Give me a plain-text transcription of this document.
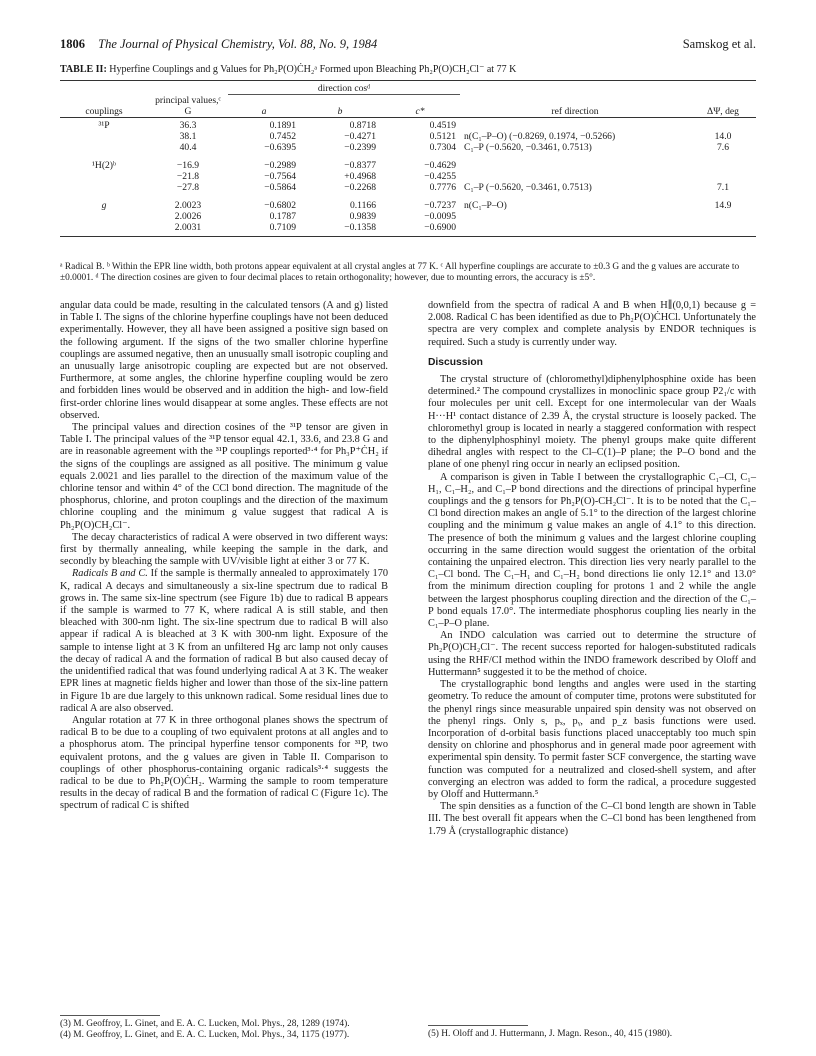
1806 The Journal of Physical Chemistry, Vol. 88, No. 9, 1984	Samskog et al.
TABLE II: Hyperfine Couplings and g Values for Ph₂P(O)ĊH₂ᵃ Formed upon Bleaching Ph₂P(O)CH₂Cl⁻ at 77 K
		direction cosᵈ				
couplings	principal values,ᶜ G	a	b	c*	ref direction	ΔΨ, deg
³¹P	36.3	0.1891	0.8718	0.4519		
	38.1	0.7452	−0.4271	0.5121	n(C₁–P–O) (−0.8269, 0.1974, −0.5266)	14.0
	40.4	−0.6395	−0.2399	0.7304	C₁–P (−0.5620, −0.3461, 0.7513)	7.6
¹H(2)ᵇ	−16.9	−0.2989	−0.8377	−0.4629		
	−21.8	−0.7564	+0.4968	−0.4255		
	−27.8	−0.5864	−0.2268	0.7776	C₁–P (−0.5620, −0.3461, 0.7513)	7.1
g	2.0023	−0.6802	0.1166	−0.7237	n(C₁–P–O)	14.9
	2.0026	0.1787	0.9839	−0.0095		
	2.0031	0.7109	−0.1358	−0.6900		
ᵃ Radical B. ᵇ Within the EPR line width, both protons appear equivalent at all crystal angles at 77 K. ᶜ All hyperfine couplings are accurate to ±0.3 G and the g values are accurate to ±0.0001. ᵈ The direction cosines are given to four decimal places to retain orthogonality; however, due to mounting errors, the accuracy is ±5°.

angular data could be made, resulting in the calculated tensors (A and g) listed in Table I. The signs of the chlorine hyperfine couplings have not been deduced experimentally. However, they all have been assigned a positive sign based on the following argument. If the signs of the two smaller chlorine hyperfine couplings are assumed negative, then an unusually small isotropic coupling and an unusually large anisotropic coupling are expected but are not observed. Furthermore, at some angles, the chlorine hyperfine coupling would be zero and forbidden lines would be observed and in addition the high- and low-field first-order chlorine lines would disappear at some angles. These effects are not observed.

The principal values and direction cosines of the ³¹P tensor are given in Table I. The principal values of the ³¹P tensor equal 42.1, 33.6, and 23.8 G and are in reasonable agreement with the ³¹P couplings reported³·⁴ for Ph₃P⁺ĊH₂ if the signs of the couplings are assigned as all positive. The minimum g value equals 2.0021 and lies parallel to the direction of the maximum value of the chlorine tensor and within 4° of the CCl bond direction. The magnitude of the phosphorus, chlorine, and proton couplings and the direction of the maximum chlorine coupling and the minimum g value suggest that radical A is Ph₂P(O)CH₂Cl⁻.

The decay characteristics of radical A were observed in two different ways: first by thermally annealing, while keeping the sample in the dark, and secondly by bleaching the sample with UV/visible light at either 3 or 77 K.

Radicals B and C. If the sample is thermally annealed to approximately 170 K, radical A decays and simultaneously a six-line spectrum due to radical B grows in. The same six-line spectrum (see Figure 1b) due to radical B appears if the sample is warmed to 77 K, where radical A is still stable, and then bleached with 300-nm light. The six-line spectrum due to radical B will also appear if radical A is bleached at 3 K with 300-nm light. Exposure of the sample to intense light at 3 K from an unfiltered Hg arc lamp not only causes the decay of radical A and the formation of radical B but also caused decay of the unidentified radical that was found underlying radical A at 3 K. The weaker EPR lines at magnetic fields higher and lower than those of the six-line pattern in Figure 1b are due largely to this unknown radical. Some residual lines due to radical A are also observed.

Angular rotation at 77 K in three orthogonal planes shows the spectrum of radical B to be due to a coupling of two equivalent protons at all angles and to a phosphorus atom. The principal hyperfine tensor components for ³¹P, two equivalent protons, and the g values are given in Table II. Comparison to couplings of other phosphorus-containing organic radicals³·⁴ suggests the radical to be due to Ph₂P(O)ĊH₂. Warming the sample to room temperature results in the decay of radical B and the formation of radical C (Figure 1c). The spectrum of radical C is shifted

(3) M. Geoffroy, L. Ginet, and E. A. C. Lucken, Mol. Phys., 28, 1289 (1974).
(4) M. Geoffroy, L. Ginet, and E. A. C. Lucken, Mol. Phys., 34, 1175 (1977).

downfield from the spectra of radical A and B when H∥(0,0,1) because g = 2.008. Radical C has been identified as due to Ph₂P(O)ĊHCl. Unfortunately the spectra are very complex and complete analysis by ENDOR techniques is required. Such a study is currently under way.

Discussion

The crystal structure of (chloromethyl)diphenylphosphine oxide has been determined.² The compound crystallizes in monoclinic space group P2₁/c with four molecules per unit cell. Except for one intermolecular van der Waals H···H¹ contact distance of 2.39 Å, the crystal structure is loosely packed. The chloromethyl group is located in nearly a staggered conformation with respect to the diphenylphosphinyl moiety. The phenyl groups make quite different dihedral angles with respect to the Cl–C(1)–P plane; the P–O bond and the plane of one phenyl ring occur in nearly an eclipsed position.

A comparison is given in Table I between the crystallographic C₁–Cl, C₁–H₁, C₁–H₂, and C₁–P bond directions and the directions of principal hyperfine couplings and the g tensors for Ph₂P(O)-CH₂Cl⁻. It is to be noted that the C₁–Cl bond direction makes an angle of 5.1° to the direction of the largest chlorine coupling and the minimum g value makes an angle of 4.1° to this direction. The presence of both the minimum g values and the largest chlorine coupling occurring in the same direction would suggest the orientation of the orbital containing the unpaired electron. This direction lies very nearly parallel to the C₁–Cl bond. The C₁–H₁ and C₁–H₂ bond directions lie only 12.1° and 13.0° from the minimum direction coupling for protons 1 and 2 while the angle between the largest phosphorus coupling direction and the direction of the C₁–P bond equals 17.0°. The intermediate phosphorus coupling lies nearly in the C₁–P–O plane.

An INDO calculation was carried out to determine the structure of Ph₂P(O)CH₂Cl⁻. The recent success reported for halogen-substituted radicals using the RHF/CI method within the INDO framework described by Oloff and Huttermann⁵ suggested it to be the method of choice.

The crystallographic bond lengths and angles were used in the starting geometry. To reduce the amount of computer time, protons were substituted for the phenyl rings since measurable unpaired spin density was not observed on the phenyl rings. Only s, pₓ, pᵧ, and p_z basis functions were used. Incorporation of d-orbital basis functions placed unacceptably too much spin density on chlorine and phosphorus and in general made poor agreement with experimental spin density. To permit faster SCF convergence, the starting wave function was computed for a neutralized and closed-shell system, and after converging an electron was added to form the radical, a procedure suggested by Oloff and Huttermann.⁵

The spin densities as a function of the C–Cl bond length are shown in Table III. The best overall fit appears when the C–Cl bond has been lengthened from 1.79 Å (crystallographic distance)

(5) H. Oloff and J. Huttermann, J. Magn. Reson., 40, 415 (1980).
